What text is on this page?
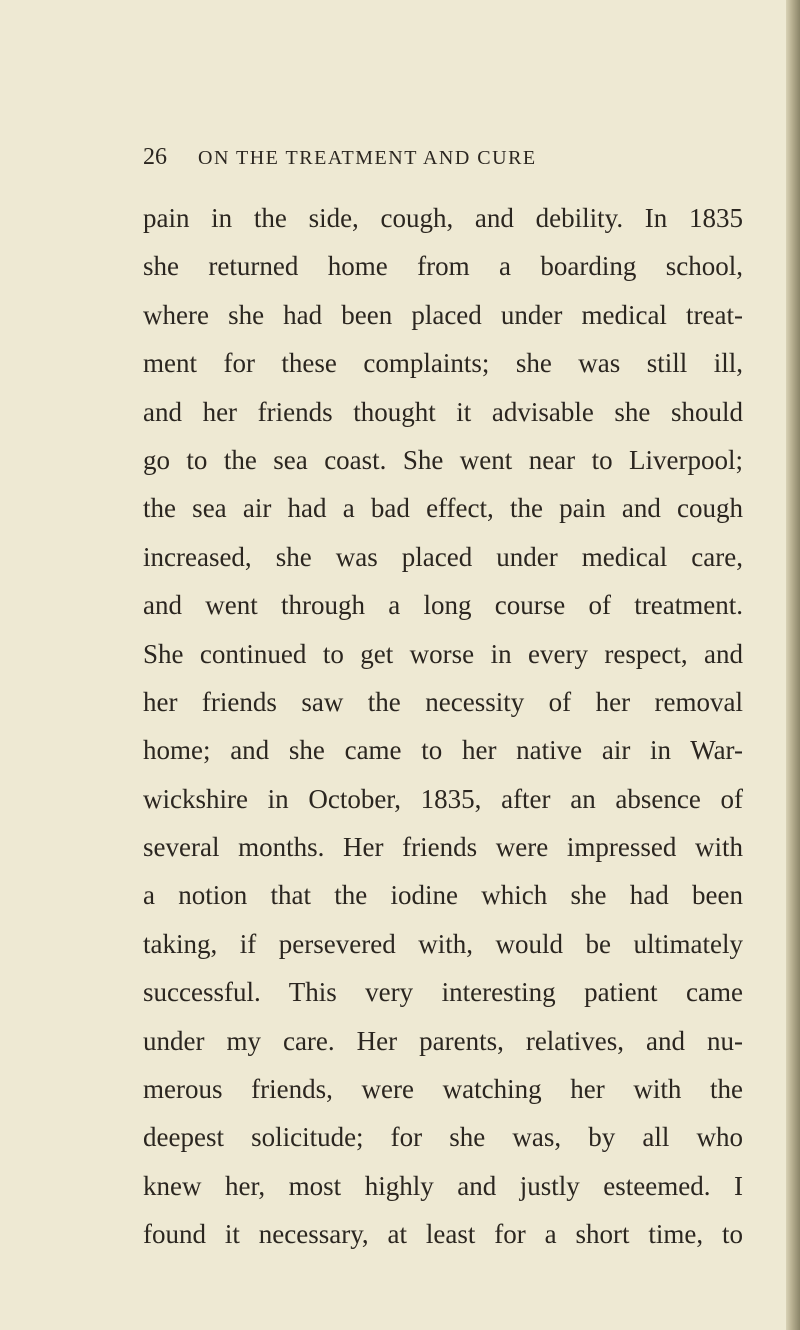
26 ON THE TREATMENT AND CURE
pain in the side, cough, and debility. In 1835
she returned home from a boarding school,
where she had been placed under medical treat-
ment for these complaints; she was still ill,
and her friends thought it advisable she should
go to the sea coast. She went near to Liverpool;
the sea air had a bad effect, the pain and cough
increased, she was placed under medical care,
and went through a long course of treatment.
She continued to get worse in every respect, and
her friends saw the necessity of her removal
home; and she came to her native air in War-
wickshire in October, 1835, after an absence of
several months. Her friends were impressed with
a notion that the iodine which she had been
taking, if persevered with, would be ultimately
successful. This very interesting patient came
under my care. Her parents, relatives, and nu-
merous friends, were watching her with the
deepest solicitude; for she was, by all who
knew her, most highly and justly esteemed. I
found it necessary, at least for a short time, to
